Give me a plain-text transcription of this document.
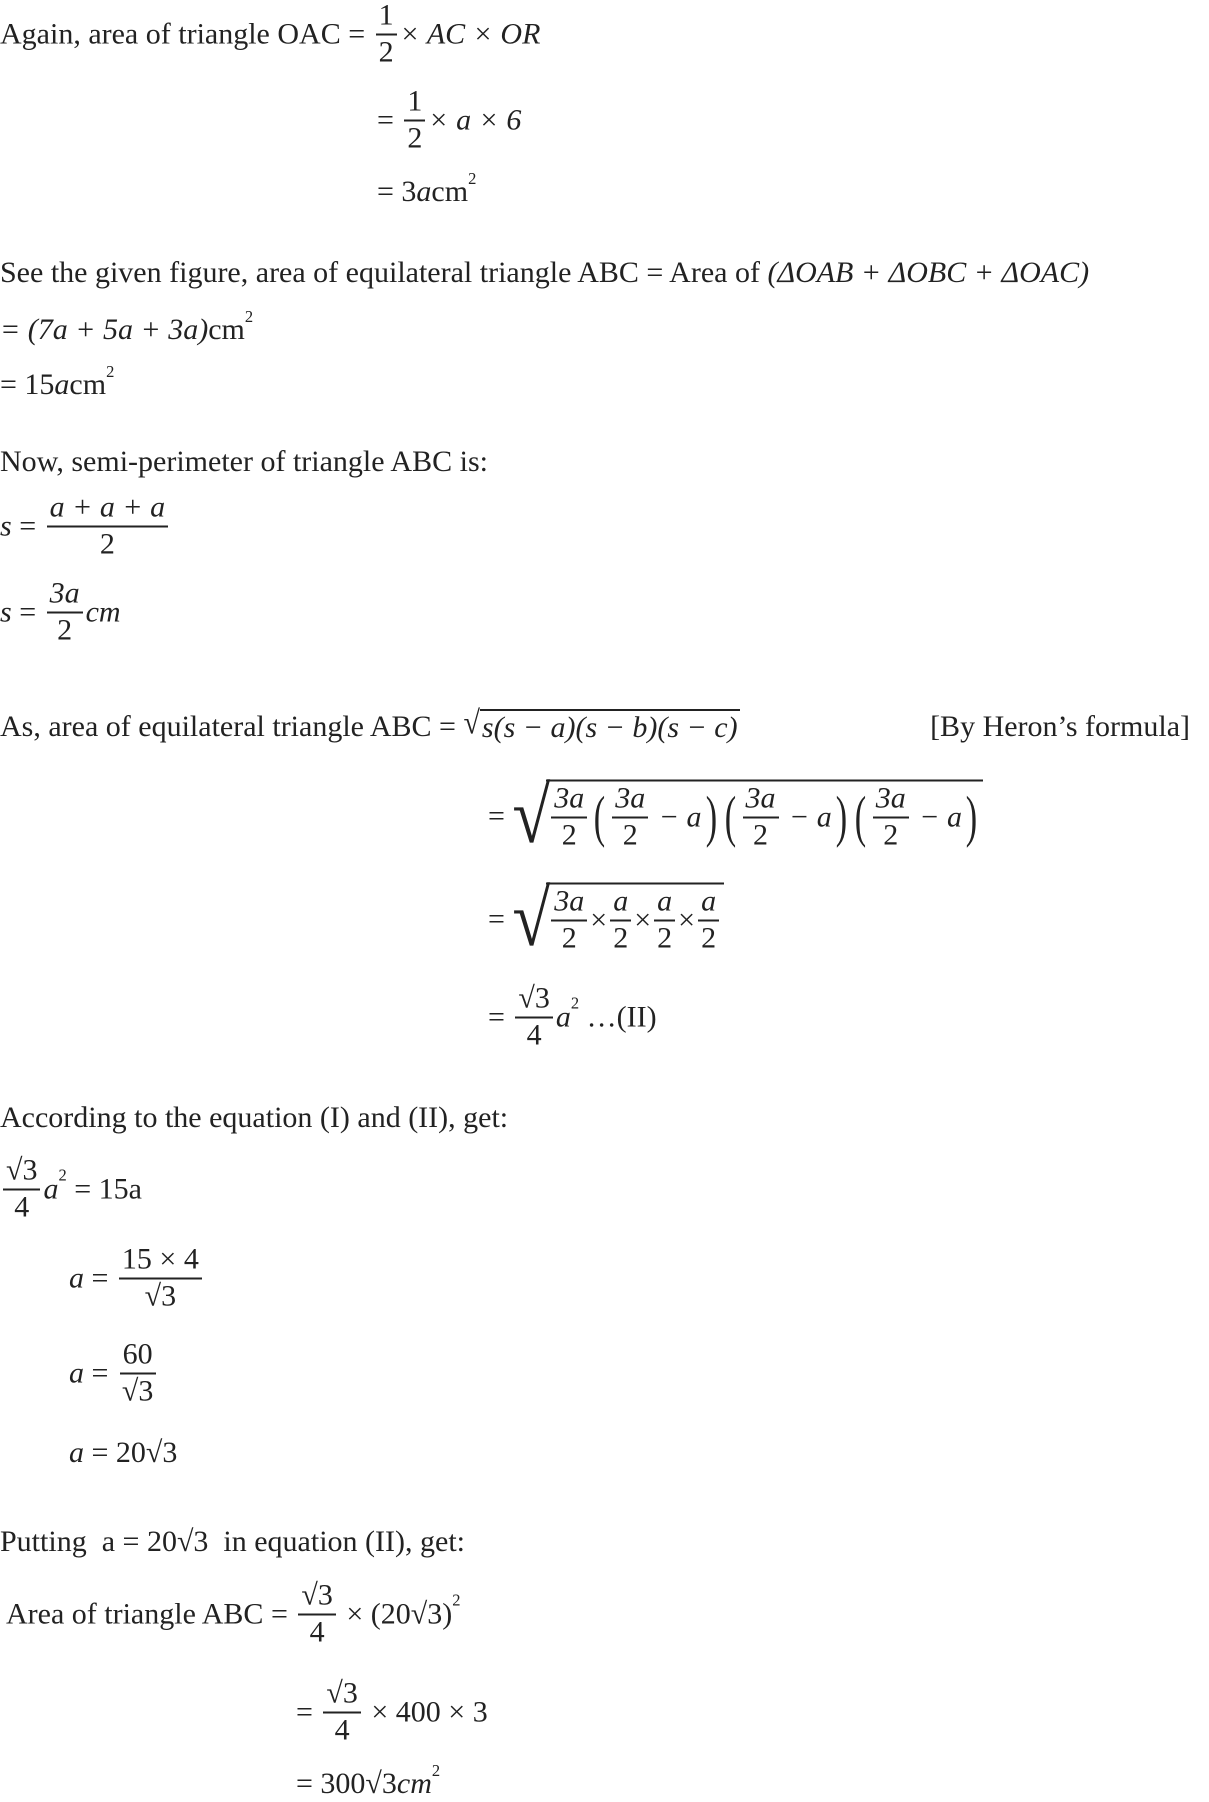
Again, area of triangle OAC = $\frac{1}{2}$ × AC × OR
= $\frac{1}{2} \times a \times 6$
= 3 a cm 2
See the given figure, area of equilateral triangle ABC = Area of (ΔOAB + ΔOBC + ΔOAC)
= (7a + 5a + 3a) cm 2
= 15 a cm 2
Now, semi-perimeter of triangle ABC is:
$s = \frac{a + a + a}{2}$
$s = \frac{3a}{2}$ cm
As, area of equilateral triangle ABC = √ s(s − a)(s − b)(s − c)	[By Heron’s formula]
= √ $\frac{3a}{2}$ ( $\frac{3a}{2} - a$ ) ( $\frac{3a}{2} - a$ ) ( $\frac{3a}{2} - a$ )
= √ $\frac{3a}{2} \times \frac{a}{2} \times \frac{a}{2} \times \frac{a}{2}$
= $\frac{√3}{4}$ a 2 …(II)
According to the equation (I) and (II), get:
$\frac{√3}{4}$ a 2 = 15a
$a = \frac{15 \times 4}{√3}$
$a = \frac{60}{√3}$
a = 20√3
Putting a = 20√3 in equation (II), get:
Area of triangle ABC = $\frac{√3}{4} \times (20√3)$ 2
= $\frac{√3}{4} \times 400 \times 3$
= 300√3 cm 2
